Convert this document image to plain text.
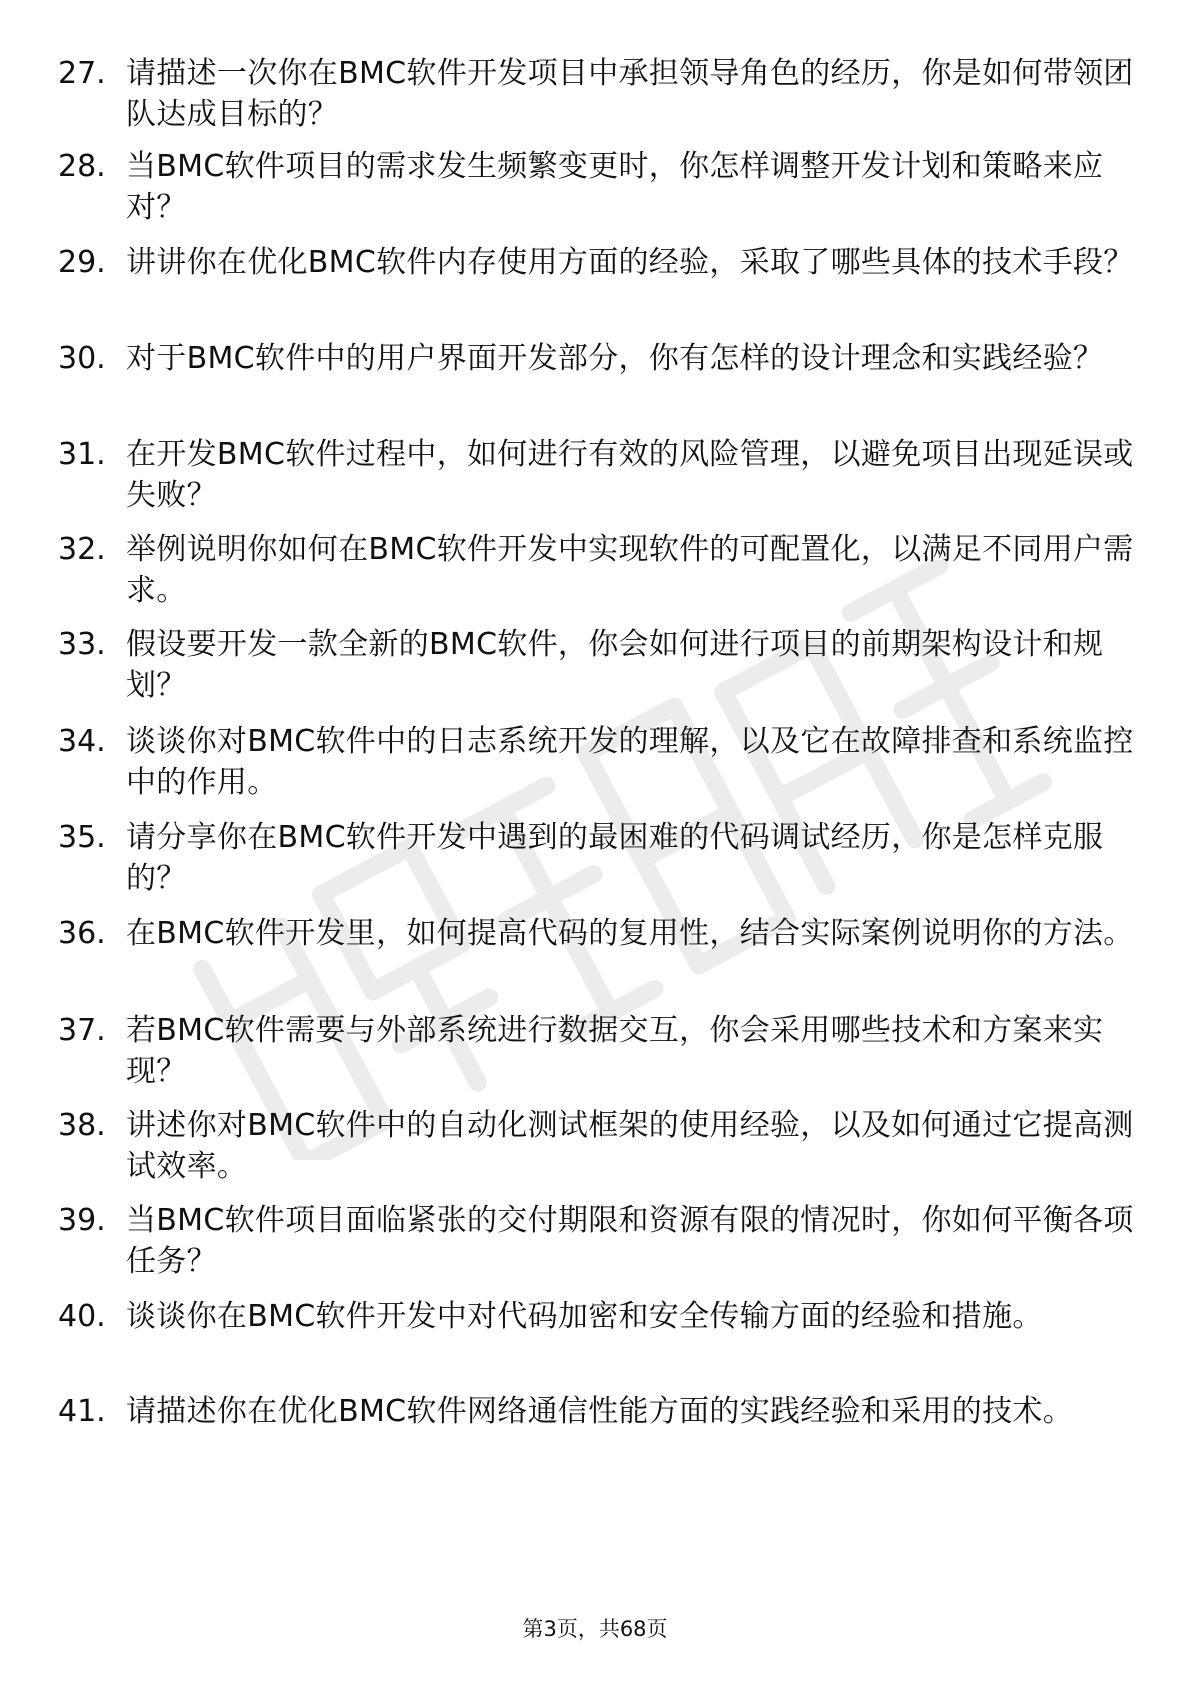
27. 请描述一次你在BMC软件开发项目中承担领导角色的经历，你是如何带领团队达成目标的？
28. 当BMC软件项目的需求发生频繁变更时，你怎样调整开发计划和策略来应对？
29. 讲讲你在优化BMC软件内存使用方面的经验，采取了哪些具体的技术手段？
30. 对于BMC软件中的用户界面开发部分，你有怎样的设计理念和实践经验？
31. 在开发BMC软件过程中，如何进行有效的风险管理，以避免项目出现延误或失败？
32. 举例说明你如何在BMC软件开发中实现软件的可配置化，以满足不同用户需求。
33. 假设要开发一款全新的BMC软件，你会如何进行项目的前期架构设计和规划？
34. 谈谈你对BMC软件中的日志系统开发的理解，以及它在故障排查和系统监控中的作用。
35. 请分享你在BMC软件开发中遇到的最困难的代码调试经历，你是怎样克服的？
36. 在BMC软件开发里，如何提高代码的复用性，结合实际案例说明你的方法。
37. 若BMC软件需要与外部系统进行数据交互，你会采用哪些技术和方案来实现？
38. 讲述你对BMC软件中的自动化测试框架的使用经验，以及如何通过它提高测试效率。
39. 当BMC软件项目面临紧张的交付期限和资源有限的情况时，你如何平衡各项任务？
40. 谈谈你在BMC软件开发中对代码加密和安全传输方面的经验和措施。
41. 请描述你在优化BMC软件网络通信性能方面的实践经验和采用的技术。
第3页，共68页
